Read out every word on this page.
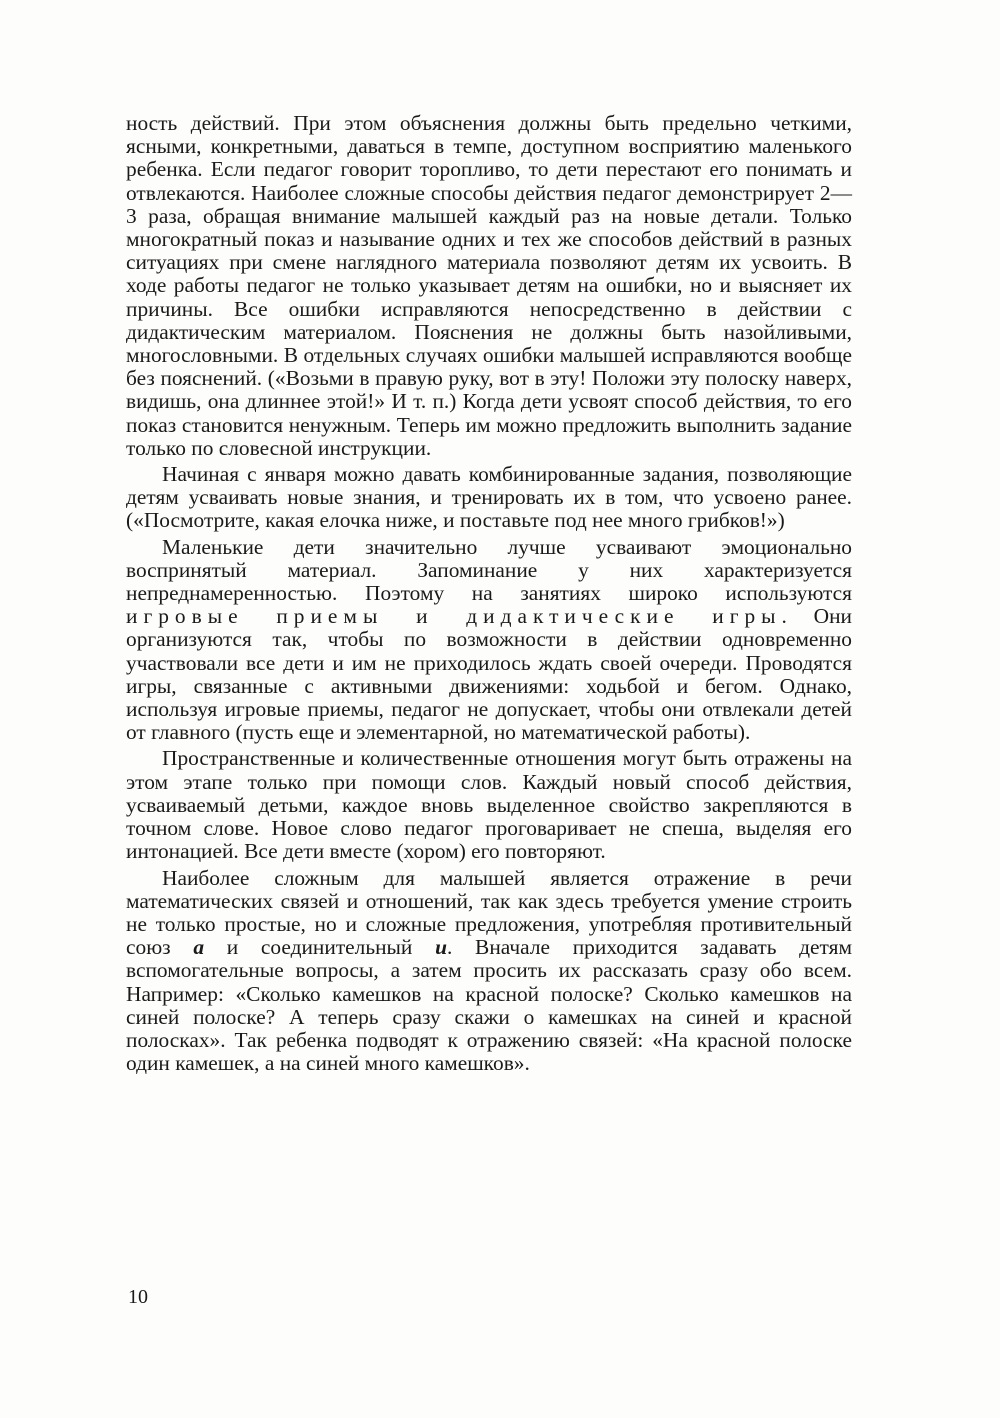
ность действий. При этом объяснения должны быть предельно четкими, ясными, конкретными, даваться в темпе, доступном восприятию маленького ребенка. Если педагог говорит торопливо, то дети перестают его понимать и отвлекаются. Наиболее сложные способы действия педагог демонстрирует 2—3 раза, обращая внимание малышей каждый раз на новые детали. Только многократный показ и называние одних и тех же способов действий в разных ситуациях при смене наглядного материала позволяют детям их усвоить. В ходе работы педагог не только указывает детям на ошибки, но и выясняет их причины. Все ошибки исправляются непосредственно в действии с дидактическим материалом. Пояснения не должны быть назойливыми, многословными. В отдельных случаях ошибки малышей исправляются вообще без пояснений. («Возьми в правую руку, вот в эту! Положи эту полоску наверх, видишь, она длиннее этой!» И т. п.) Когда дети усвоят способ действия, то его показ становится ненужным. Теперь им можно предложить выполнить задание только по словесной инструкции.

Начиная с января можно давать комбинированные задания, позволяющие детям усваивать новые знания, и тренировать их в том, что усвоено ранее. («Посмотрите, какая елочка ниже, и поставьте под нее много грибков!»)

Маленькие дети значительно лучше усваивают эмоционально воспринятый материал. Запоминание у них характеризуется непреднамеренностью. Поэтому на занятиях широко используются игровые приемы и дидактические игры. Они организуются так, чтобы по возможности в действии одновременно участвовали все дети и им не приходилось ждать своей очереди. Проводятся игры, связанные с активными движениями: ходьбой и бегом. Однако, используя игровые приемы, педагог не допускает, чтобы они отвлекали детей от главного (пусть еще и элементарной, но математической работы).

Пространственные и количественные отношения могут быть отражены на этом этапе только при помощи слов. Каждый новый способ действия, усваиваемый детьми, каждое вновь выделенное свойство закрепляются в точном слове. Новое слово педагог проговаривает не спеша, выделяя его интонацией. Все дети вместе (хором) его повторяют.

Наиболее сложным для малышей является отражение в речи математических связей и отношений, так как здесь требуется умение строить не только простые, но и сложные предложения, употребляя противительный союз а и соединительный и. Вначале приходится задавать детям вспомогательные вопросы, а затем просить их рассказать сразу обо всем. Например: «Сколько камешков на красной полоске? Сколько камешков на синей полоске? А теперь сразу скажи о камешках на синей и красной полосках». Так ребенка подводят к отражению связей: «На красной полоске один камешек, а на синей много камешков».

10
